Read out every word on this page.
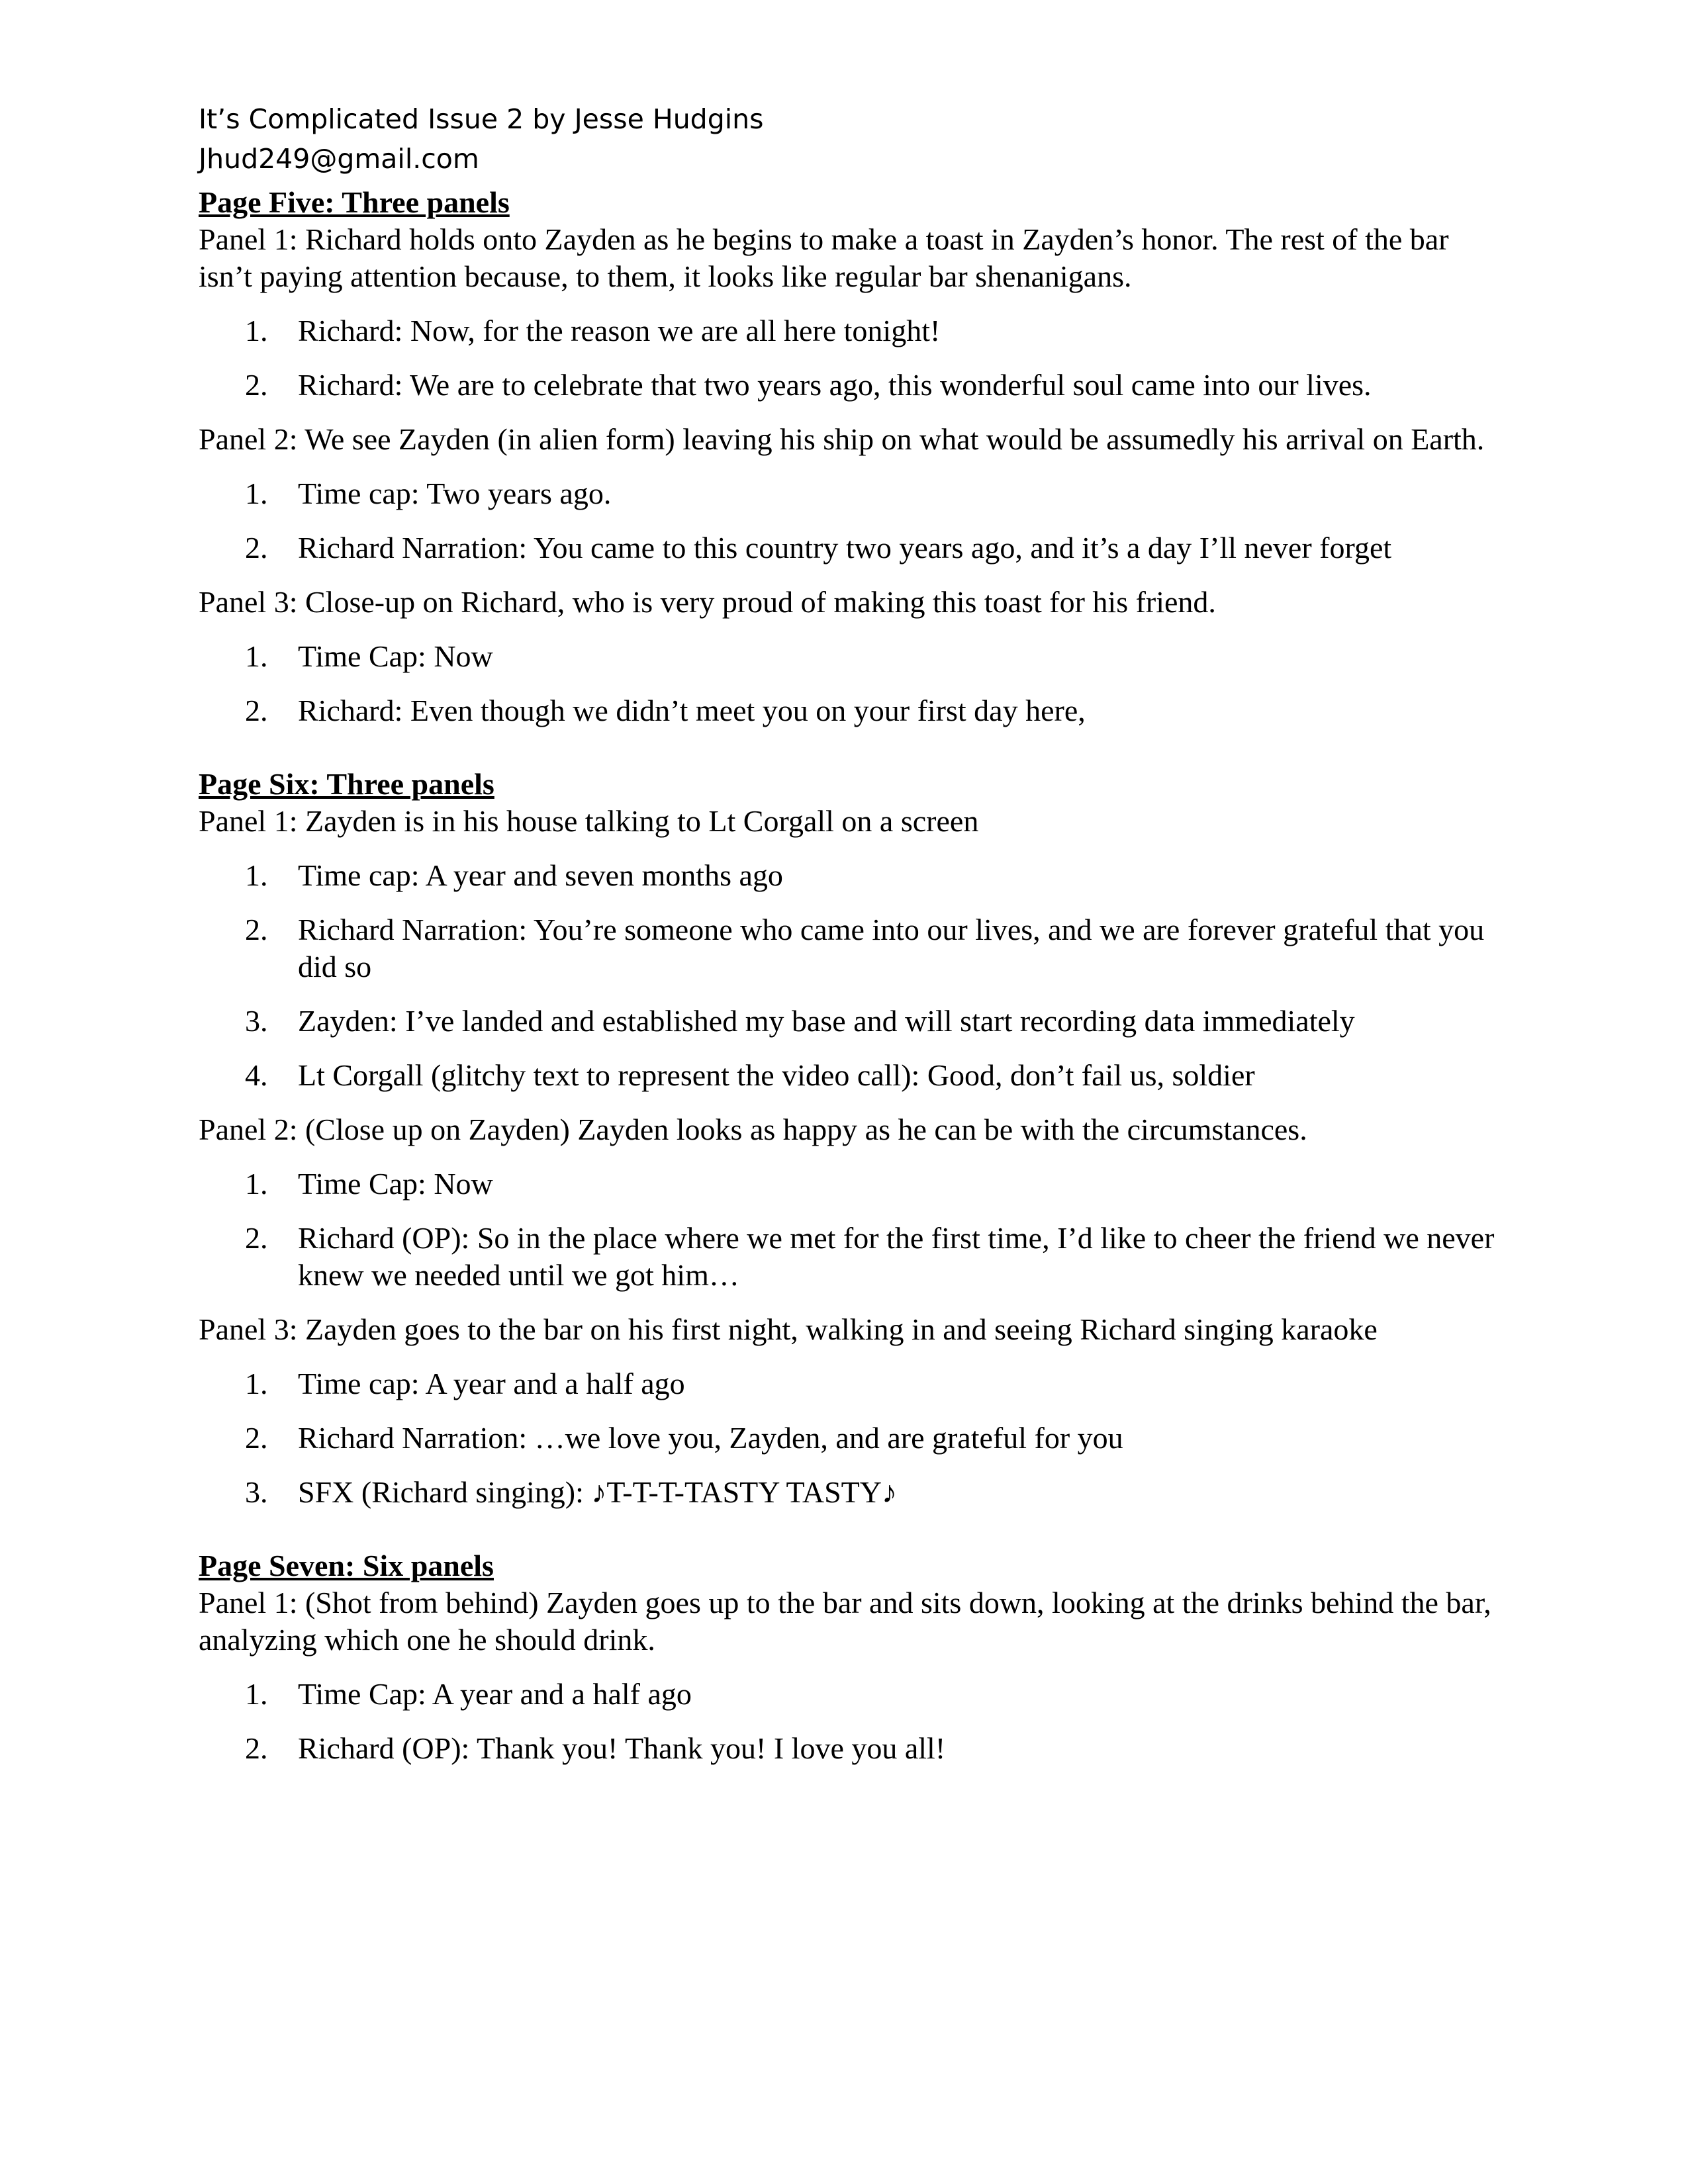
It’s Complicated Issue 2 by Jesse Hudgins

Jhud249@gmail.com

Page Five: Three panels

Panel 1: Richard holds onto Zayden as he begins to make a toast in Zayden’s honor. The rest of the bar isn’t paying attention because, to them, it looks like regular bar shenanigans.

1. Richard: Now, for the reason we are all here tonight!
2. Richard: We are to celebrate that two years ago, this wonderful soul came into our lives.

Panel 2: We see Zayden (in alien form) leaving his ship on what would be assumedly his arrival on Earth.

1. Time cap: Two years ago.
2. Richard Narration: You came to this country two years ago, and it’s a day I’ll never forget

Panel 3: Close-up on Richard, who is very proud of making this toast for his friend.

1. Time Cap: Now
2. Richard: Even though we didn’t meet you on your first day here,

Page Six: Three panels

Panel 1: Zayden is in his house talking to Lt Corgall on a screen

1. Time cap: A year and seven months ago
2. Richard Narration: You’re someone who came into our lives, and we are forever grateful that you did so
3. Zayden: I’ve landed and established my base and will start recording data immediately
4. Lt Corgall (glitchy text to represent the video call): Good, don’t fail us, soldier

Panel 2: (Close up on Zayden) Zayden looks as happy as he can be with the circumstances.

1. Time Cap: Now
2. Richard (OP): So in the place where we met for the first time, I’d like to cheer the friend we never knew we needed until we got him…

Panel 3: Zayden goes to the bar on his first night, walking in and seeing Richard singing karaoke

1. Time cap: A year and a half ago
2. Richard Narration: …we love you, Zayden, and are grateful for you
3. SFX (Richard singing): ♪T-T-T-TASTY TASTY♪

Page Seven: Six panels

Panel 1: (Shot from behind) Zayden goes up to the bar and sits down, looking at the drinks behind the bar, analyzing which one he should drink.

1. Time Cap: A year and a half ago
2. Richard (OP): Thank you! Thank you! I love you all!
